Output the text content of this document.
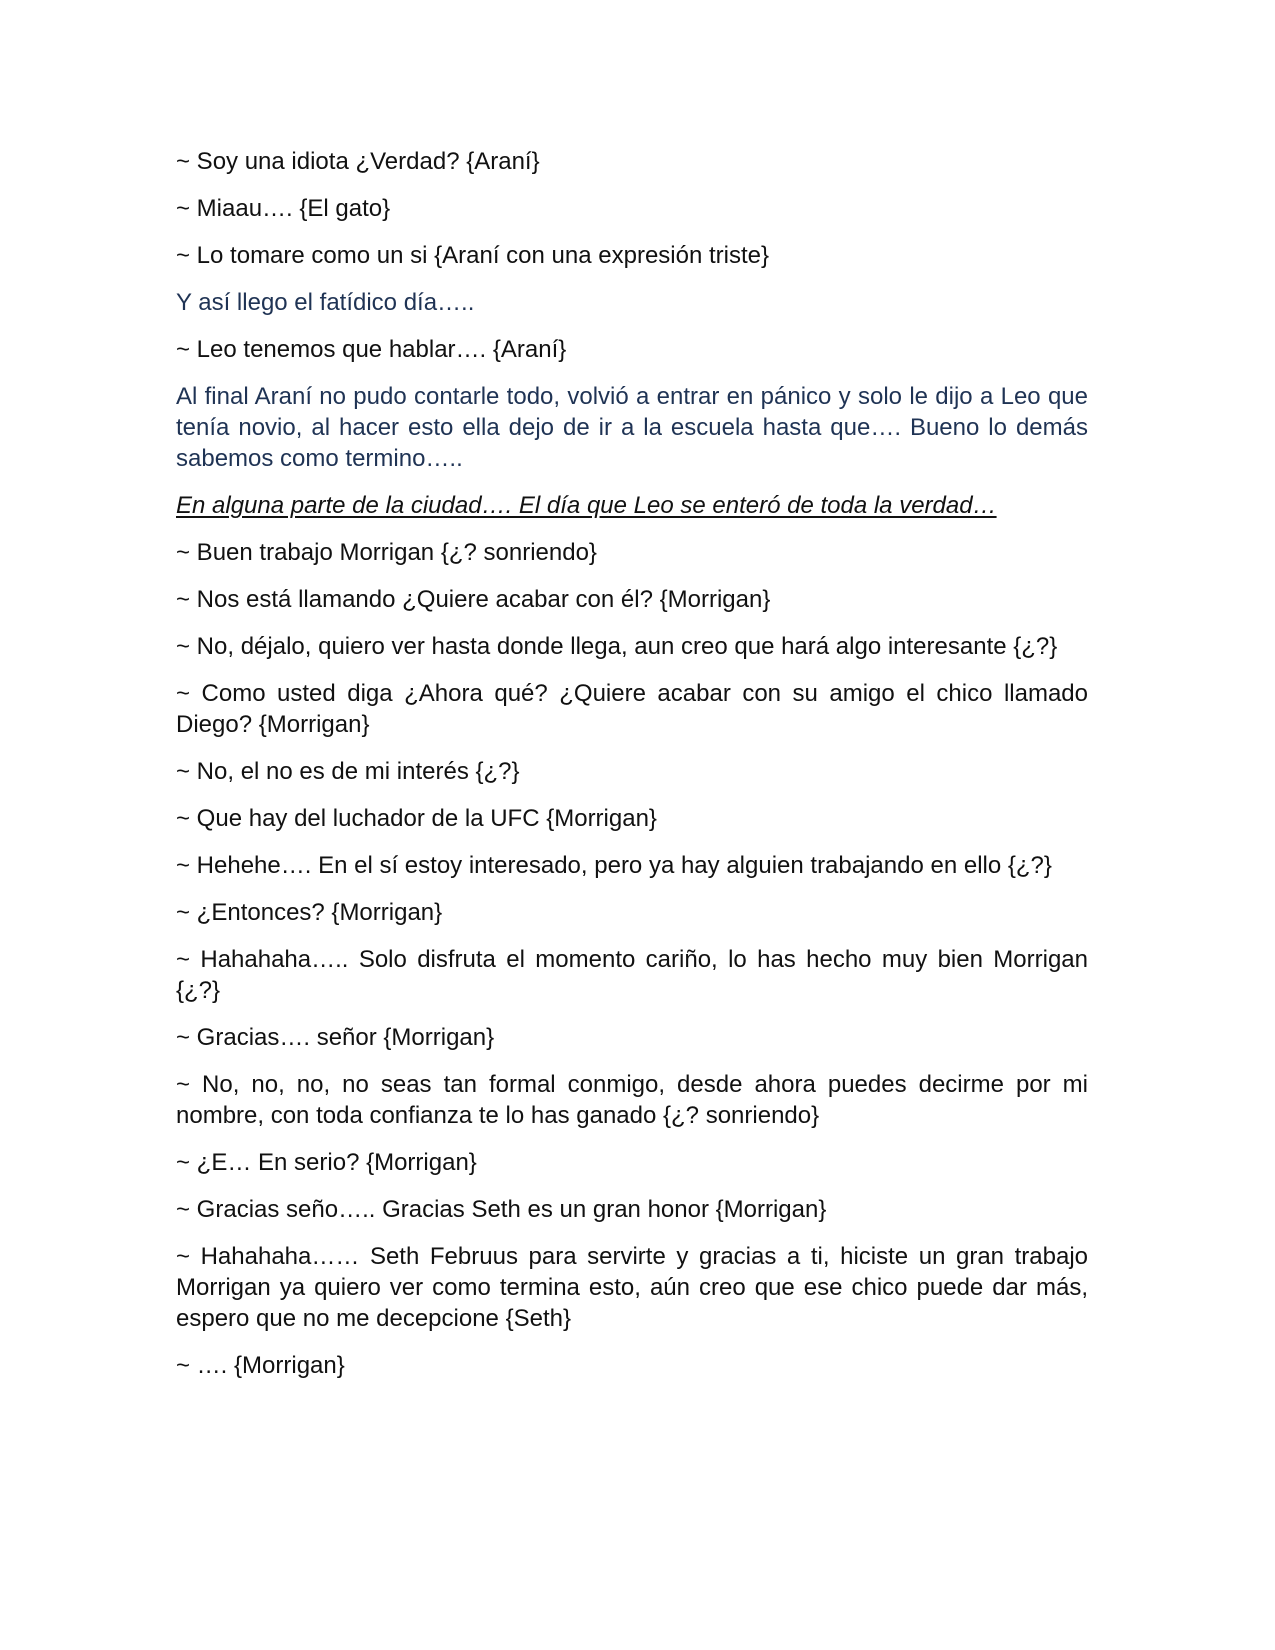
~ Soy una idiota ¿Verdad? {Araní}

~ Miaau…. {El gato}

~ Lo tomare como un si {Araní con una expresión triste}

Y así llego el fatídico día…..

~ Leo tenemos que hablar…. {Araní}

Al final Araní no pudo contarle todo, volvió a entrar en pánico y solo le dijo a Leo que tenía novio, al hacer esto ella dejo de ir a la escuela hasta que…. Bueno lo demás sabemos como termino…..

En alguna parte de la ciudad…. El día que Leo se enteró de toda la verdad…

~ Buen trabajo Morrigan {¿? sonriendo}

~ Nos está llamando ¿Quiere acabar con él? {Morrigan}

~ No, déjalo, quiero ver hasta donde llega, aun creo que hará algo interesante {¿?}

~ Como usted diga ¿Ahora qué? ¿Quiere acabar con su amigo el chico llamado Diego? {Morrigan}

~ No, el no es de mi interés {¿?}

~ Que hay del luchador de la UFC {Morrigan}

~ Hehehe…. En el sí estoy interesado, pero ya hay alguien trabajando en ello {¿?}

~ ¿Entonces? {Morrigan}

~ Hahahaha….. Solo disfruta el momento cariño, lo has hecho muy bien Morrigan {¿?}

~ Gracias…. señor {Morrigan}

~ No, no, no, no seas tan formal conmigo, desde ahora puedes decirme por mi nombre, con toda confianza te lo has ganado {¿? sonriendo}

~ ¿E… En serio? {Morrigan}

~ Gracias seño….. Gracias Seth es un gran honor {Morrigan}

~ Hahahaha…… Seth Februus para servirte y gracias a ti, hiciste un gran trabajo Morrigan ya quiero ver como termina esto, aún creo que ese chico puede dar más, espero que no me decepcione {Seth}

~ …. {Morrigan}
